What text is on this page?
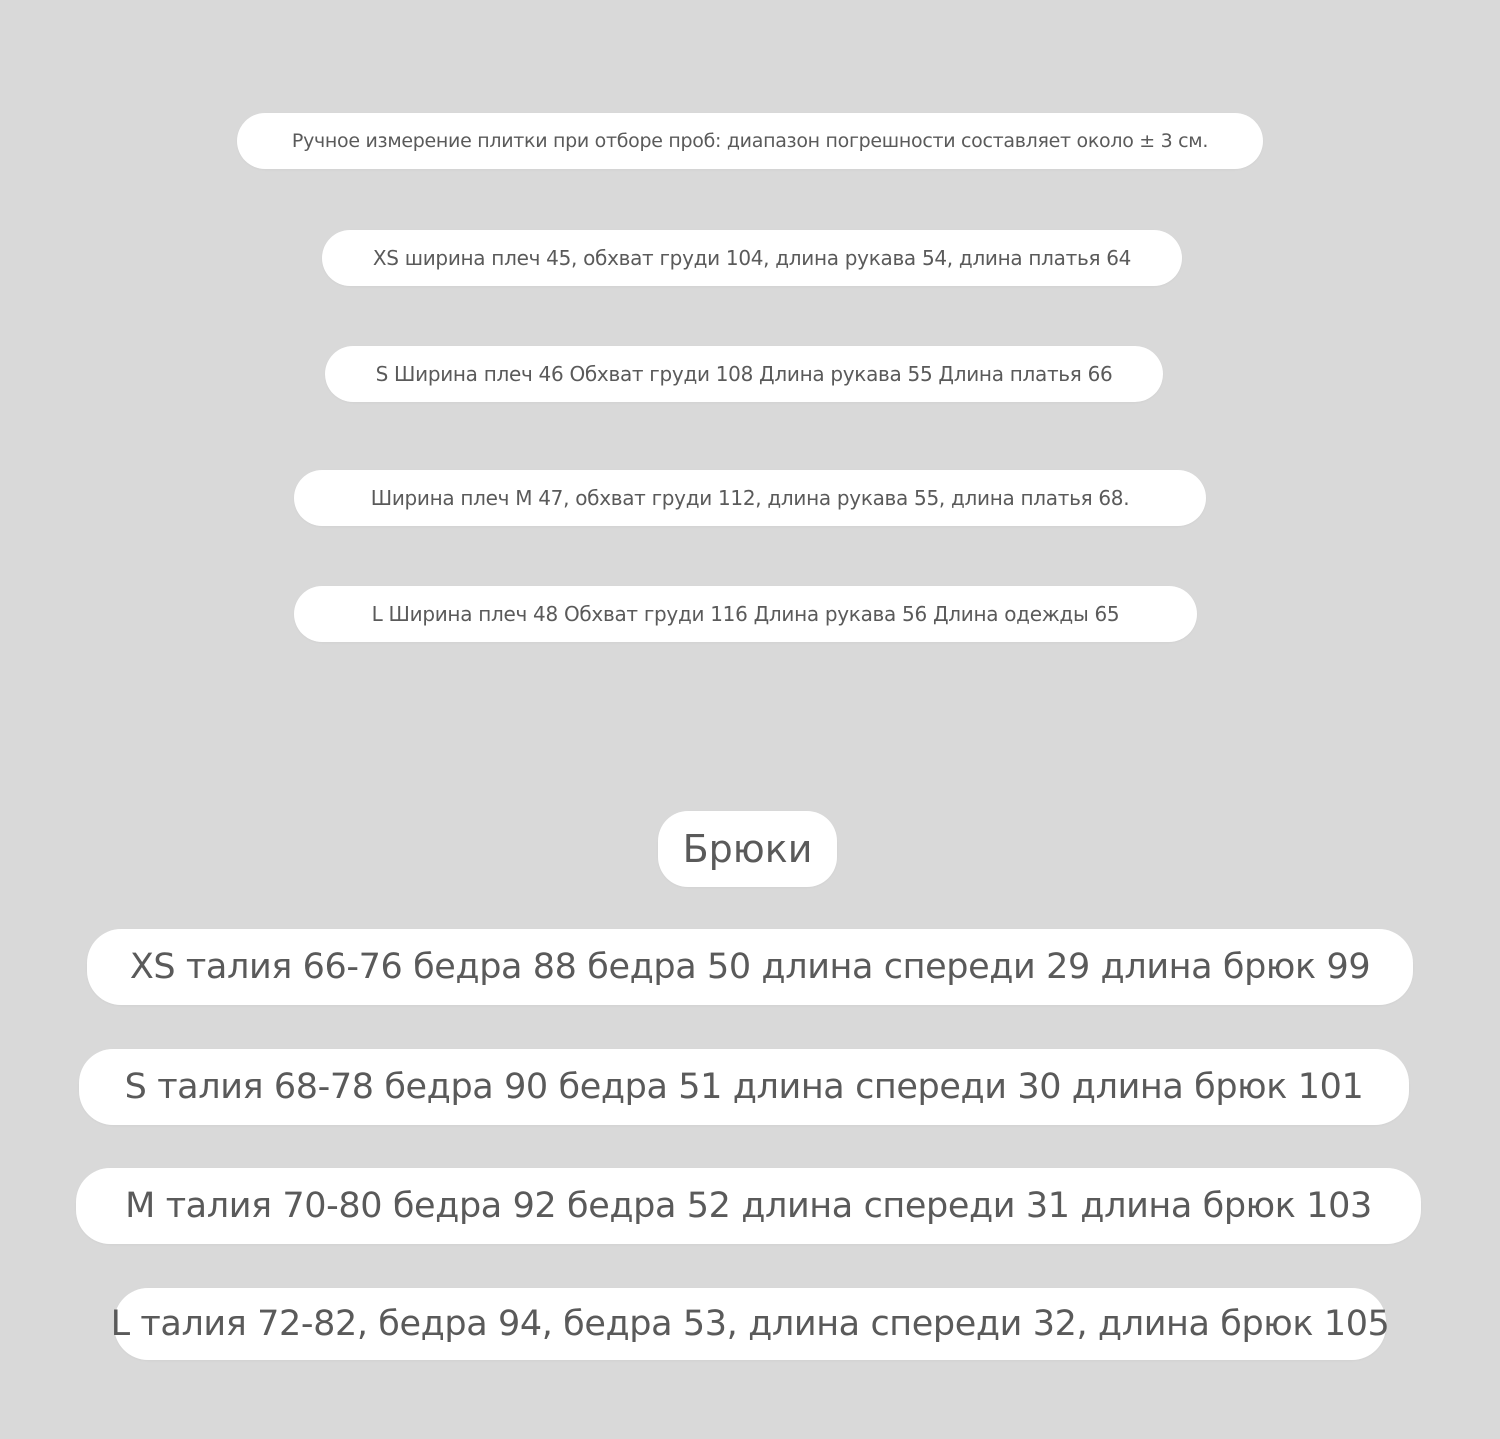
Ручное измерение плитки при отборе проб: диапазон погрешности составляет около ± 3 см.
XS ширина плеч 45, обхват груди 104, длина рукава 54, длина платья 64
S Ширина плеч 46 Обхват груди 108 Длина рукава 55 Длина платья 66
Ширина плеч M 47, обхват груди 112, длина рукава 55, длина платья 68.
L Ширина плеч 48 Обхват груди 116 Длина рукава 56 Длина одежды 65
Брюки
XS талия 66-76 бедра 88 бедра 50 длина спереди 29 длина брюк 99
S талия 68-78 бедра 90 бедра 51 длина спереди 30 длина брюк 101
M талия 70-80 бедра 92 бедра 52 длина спереди 31 длина брюк 103
L талия 72-82, бедра 94, бедра 53, длина спереди 32, длина брюк 105
